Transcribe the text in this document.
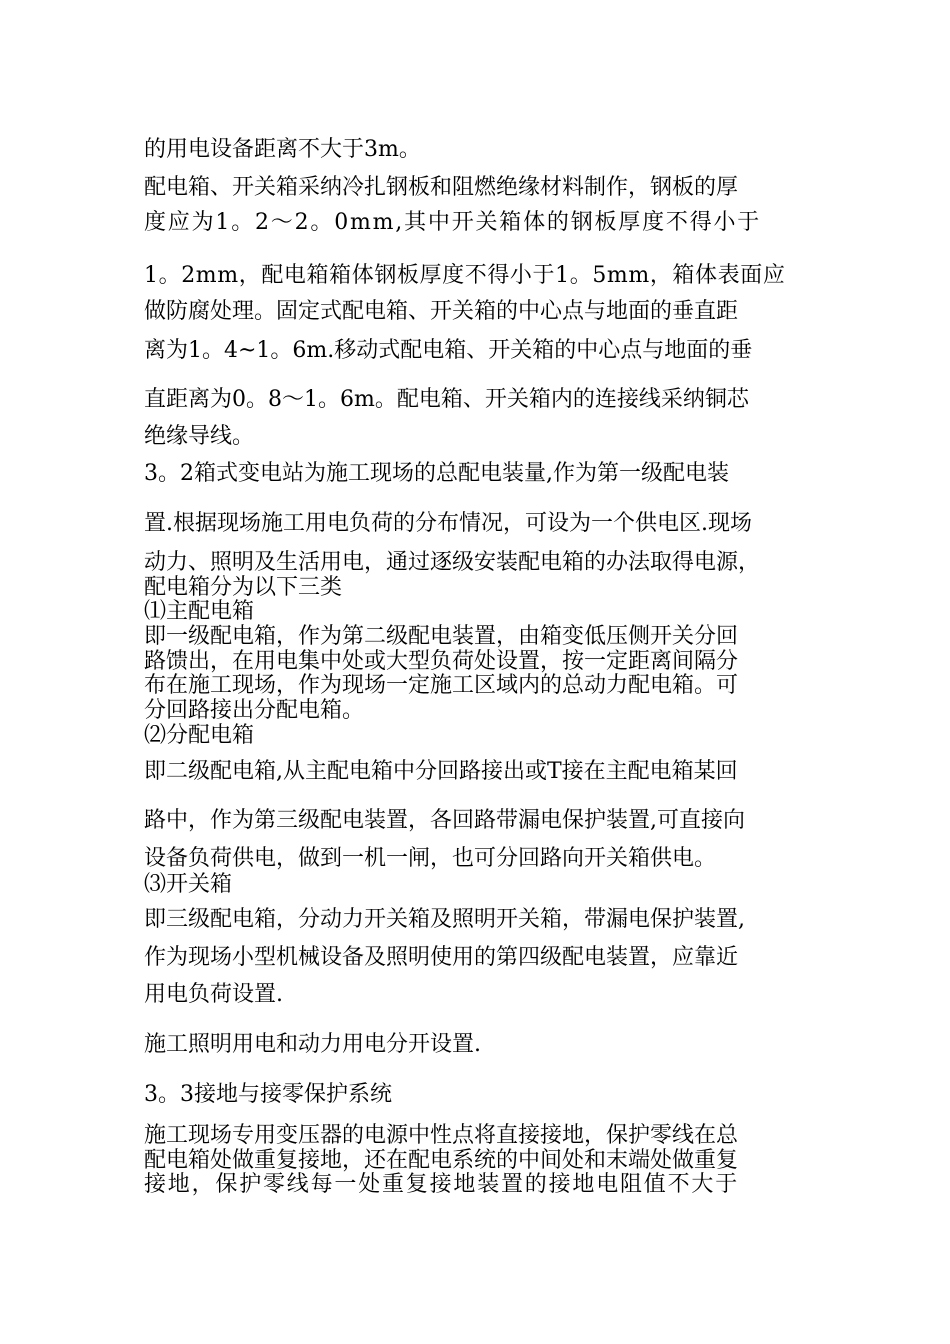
的用电设备距离不大于3m。
配电箱、开关箱采纳冷扎钢板和阻燃绝缘材料制作，钢板的厚
度应为1。2～2。0mm,其中开关箱体的钢板厚度不得小于
1。2mm，配电箱箱体钢板厚度不得小于1。5mm，箱体表面应
做防腐处理。固定式配电箱、开关箱的中心点与地面的垂直距
离为1。4~1。6m.移动式配电箱、开关箱的中心点与地面的垂
直距离为0。8～1。6m。配电箱、开关箱内的连接线采纳铜芯
绝缘导线。
3。2箱式变电站为施工现场的总配电装量,作为第一级配电装
置.根据现场施工用电负荷的分布情况，可设为一个供电区.现场
动力、照明及生活用电，通过逐级安装配电箱的办法取得电源，
配电箱分为以下三类
⑴主配电箱
即一级配电箱，作为第二级配电装置，由箱变低压侧开关分回
路馈出，在用电集中处或大型负荷处设置，按一定距离间隔分
布在施工现场，作为现场一定施工区域内的总动力配电箱。可
分回路接出分配电箱。
⑵分配电箱
即二级配电箱,从主配电箱中分回路接出或T接在主配电箱某回
路中，作为第三级配电装置，各回路带漏电保护装置,可直接向
设备负荷供电，做到一机一闸，也可分回路向开关箱供电。
⑶开关箱
即三级配电箱，分动力开关箱及照明开关箱，带漏电保护装置,
作为现场小型机械设备及照明使用的第四级配电装置，应靠近
用电负荷设置.
施工照明用电和动力用电分开设置.
3。3接地与接零保护系统
施工现场专用变压器的电源中性点将直接接地，保护零线在总
配电箱处做重复接地，还在配电系统的中间处和末端处做重复
接地，保护零线每一处重复接地装置的接地电阻值不大于
